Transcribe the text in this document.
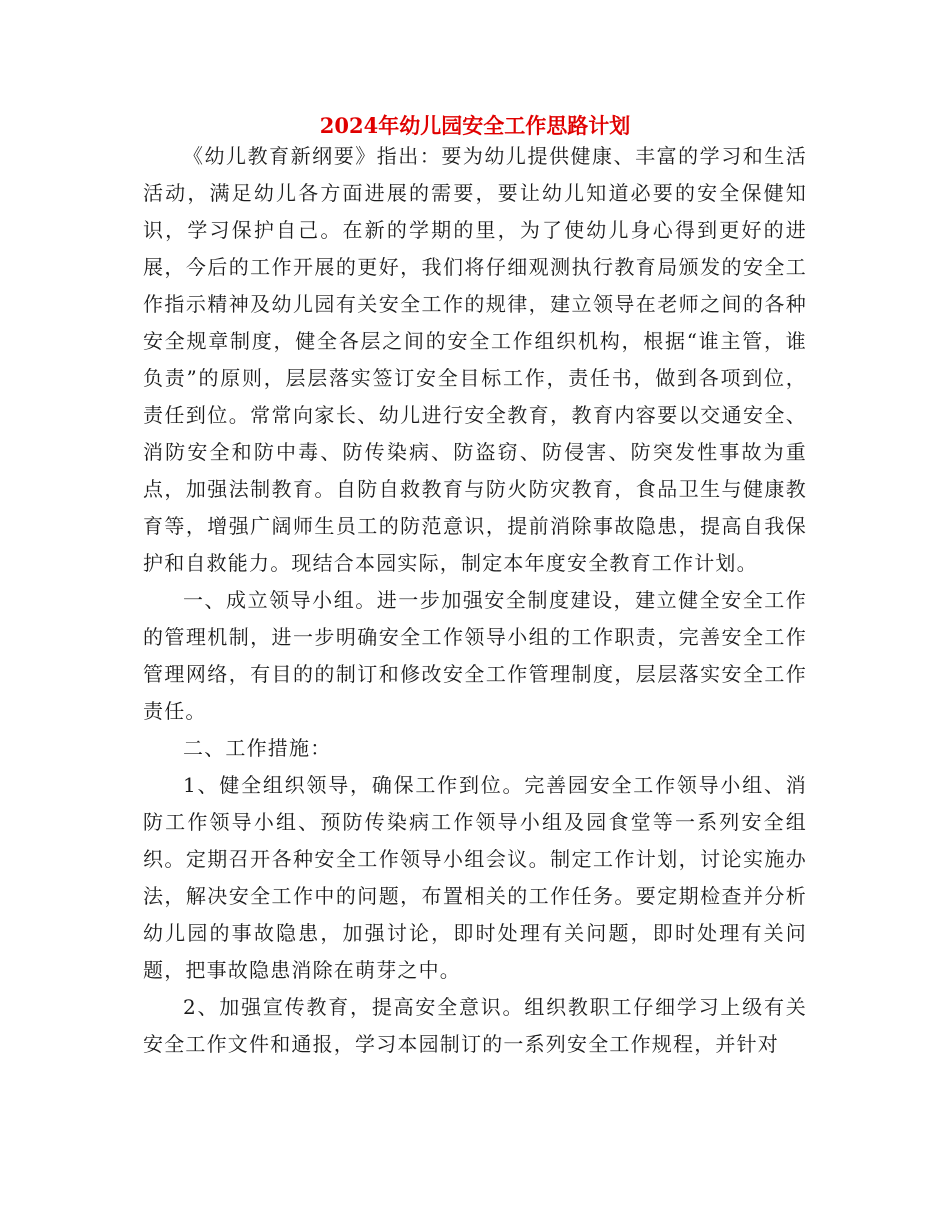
2024年幼儿园安全工作思路计划

《幼儿教育新纲要》指出：要为幼儿提供健康、丰富的学习和生活活动，满足幼儿各方面进展的需要，要让幼儿知道必要的安全保健知识，学习保护自己。在新的学期的里，为了使幼儿身心得到更好的进展，今后的工作开展的更好，我们将仔细观测执行教育局颁发的安全工作指示精神及幼儿园有关安全工作的规律，建立领导在老师之间的各种安全规章制度，健全各层之间的安全工作组织机构，根据“谁主管，谁负责”的原则，层层落实签订安全目标工作，责任书，做到各项到位，责任到位。常常向家长、幼儿进行安全教育，教育内容要以交通安全、消防安全和防中毒、防传染病、防盗窃、防侵害、防突发性事故为重点，加强法制教育。自防自救教育与防火防灾教育，食品卫生与健康教育等，增强广阔师生员工的防范意识，提前消除事故隐患，提高自我保护和自救能力。现结合本园实际，制定本年度安全教育工作计划。

一、成立领导小组。进一步加强安全制度建设，建立健全安全工作的管理机制，进一步明确安全工作领导小组的工作职责，完善安全工作管理网络，有目的的制订和修改安全工作管理制度，层层落实安全工作责任。

二、工作措施：

1、健全组织领导，确保工作到位。完善园安全工作领导小组、消防工作领导小组、预防传染病工作领导小组及园食堂等一系列安全组织。定期召开各种安全工作领导小组会议。制定工作计划，讨论实施办法，解决安全工作中的问题，布置相关的工作任务。要定期检查并分析幼儿园的事故隐患，加强讨论，即时处理有关问题，即时处理有关问题，把事故隐患消除在萌芽之中。

2、加强宣传教育，提高安全意识。组织教职工仔细学习上级有关安全工作文件和通报，学习本园制订的一系列安全工作规程，并针对
